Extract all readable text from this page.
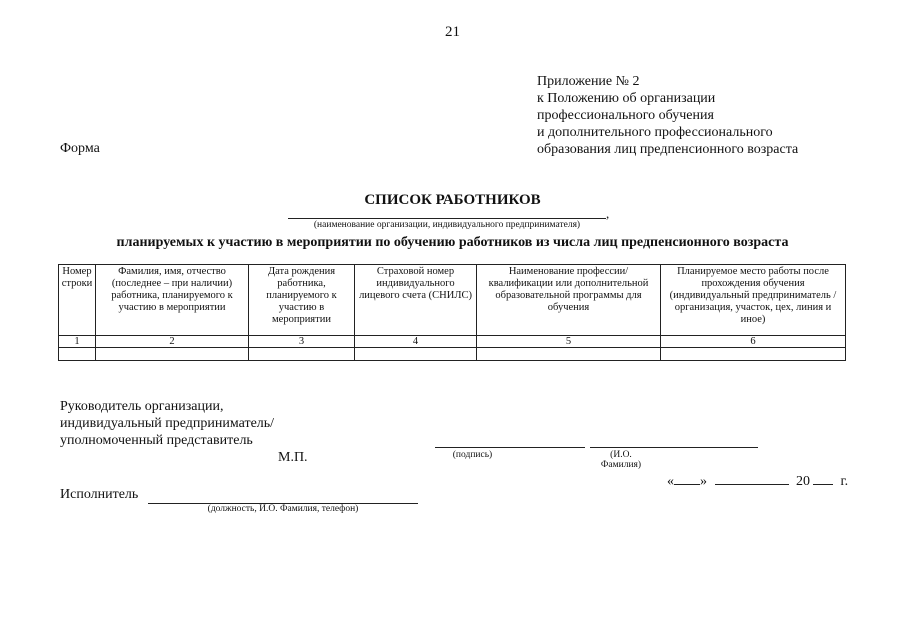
21
Приложение № 2
к Положению об организации
профессионального обучения
и дополнительного профессионального
образования лиц предпенсионного возраста
Форма
СПИСОК РАБОТНИКОВ
,
(наименование организации, индивидуального предпринимателя)
планируемых к участию в мероприятии по обучению работников из числа лиц предпенсионного возраста
Номер строки	Фамилия, имя, отчество (последнее – при наличии) работника, планируемого к участию в мероприятии	Дата рождения работника, планируемого к участию в мероприятии	Страховой номер индивидуального лицевого счета (СНИЛС)	Наименование профессии/квалификации или дополнительной образовательной программы для обучения	Планируемое место работы после прохождения обучения (индивидуальный предприниматель / организация, участок, цех, линия и иное)
1	2	3	4	5	6

Руководитель организации,
индивидуальный предприниматель/
уполномоченный представитель
М.П.	(подпись)	(И.О. Фамилия)
« »	20 г.
Исполнитель
(должность, И.О. Фамилия, телефон)
